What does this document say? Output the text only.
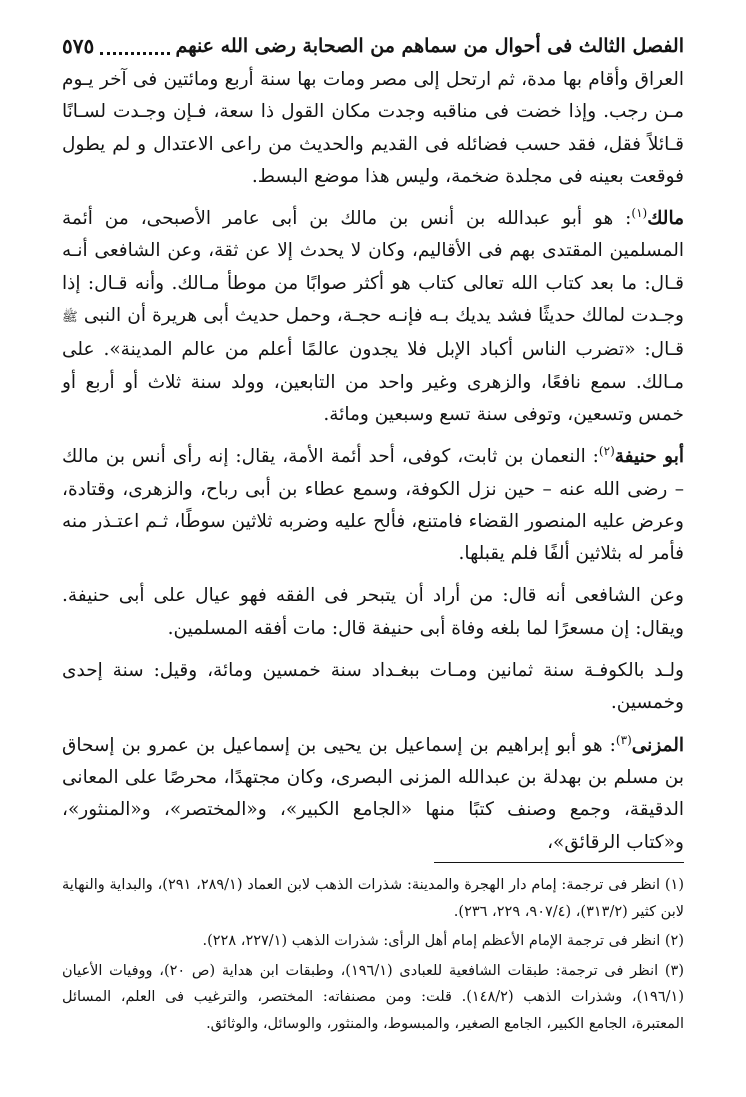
الفصل الثالث فى أحوال من سماهم من الصحابة رضى الله عنهم
٥٧٥

العراق وأقام بها مدة، ثم ارتحل إلى مصر ومات بها سنة أربع ومائتين فى آخر يـوم مـن رجب. وإذا خضت فى مناقبه وجدت مكان القول ذا سعة، فـإن وجـدت لسـانًا قـائلاً فقل، فقد حسب فضائله فى القديم والحديث من راعى الاعتدال و لم يطول فوقعت بعينه فى مجلدة ضخمة، وليس هذا موضع البسط.

مالك$^{(١)}$: هو أبو عبدالله بن أنس بن مالك بن أبى عامر الأصبحى، من أئمة المسلمين المقتدى بهم فى الأقاليم، وكان لا يحدث إلا عن ثقة، وعن الشافعى أنـه قـال: ما بعد كتاب الله تعالى كتاب هو أكثر صوابًا من موطأ مـالك. وأنه قـال: إذا وجـدت لمالك حديثًا فشد يديك بـه فإنـه حجـة، وحمل حديث أبى هريرة أن النبى ﷺ قـال: «تضرب الناس أكباد الإبل فلا يجدون عالمًا أعلم من عالم المدينة». على مـالك. سمع نافعًا، والزهرى وغير واحد من التابعين، وولد سنة ثلاث أو أربع أو خمس وتسعين، وتوفى سنة تسع وسبعين ومائة.

أبو حنيفة$^{(٢)}$: النعمان بن ثابت، كوفى، أحد أئمة الأمة، يقال: إنه رأى أنس بن مالك – رضى الله عنه – حين نزل الكوفة، وسمع عطاء بن أبى رباح، والزهرى، وقتادة، وعرض عليه المنصور القضاء فامتنع، فألح عليه وضربه ثلاثين سوطًا، ثـم اعتـذر منه فأمر له بثلاثين ألفًا فلم يقبلها.

وعن الشافعى أنه قال: من أراد أن يتبحر فى الفقه فهو عيال على أبى حنيفة. ويقال: إن مسعرًا لما بلغه وفاة أبى حنيفة قال: مات أفقه المسلمين.

ولـد بالكوفـة سنة ثمانين ومـات ببغـداد سنة خمسين ومائة، وقيل: سنة إحدى وخمسين.

المزنى$^{(٣)}$: هو أبو إبراهيم بن إسماعيل بن يحيى بن إسماعيل بن عمرو بن إسحاق بن مسلم بن بهدلة بن عبدالله المزنى البصرى، وكان مجتهدًا، محرصًا على المعانى الدقيقة، وجمع وصنف كتبًا منها «الجامع الكبير»، و«المختصر»، و«المنثور»، و«كتاب الرقائق»،

(١) انظر فى ترجمة: إمام دار الهجرة والمدينة: شذرات الذهب لابن العماد (٢٨٩/١، ٢٩١)، والبداية والنهاية لابن كثير (٣١٣/٢)، (٩٠٧/٤، ٢٢٩، ٢٣٦).

(٢) انظر فى ترجمة الإمام الأعظم إمام أهل الرأى: شذرات الذهب (٢٢٧/١، ٢٢٨).

(٣) انظر فى ترجمة: طبقات الشافعية للعبادى (١٩٦/١)، وطبقات ابن هداية (ص ٢٠)، ووفيات الأعيان (١٩٦/١)، وشذرات الذهب (١٤٨/٢). قلت: ومن مصنفاته: المختصر، والترغيب فى العلم، المسائل المعتبرة، الجامع الكبير، الجامع الصغير، والمبسوط، والمنثور، والوسائل، والوثائق.
